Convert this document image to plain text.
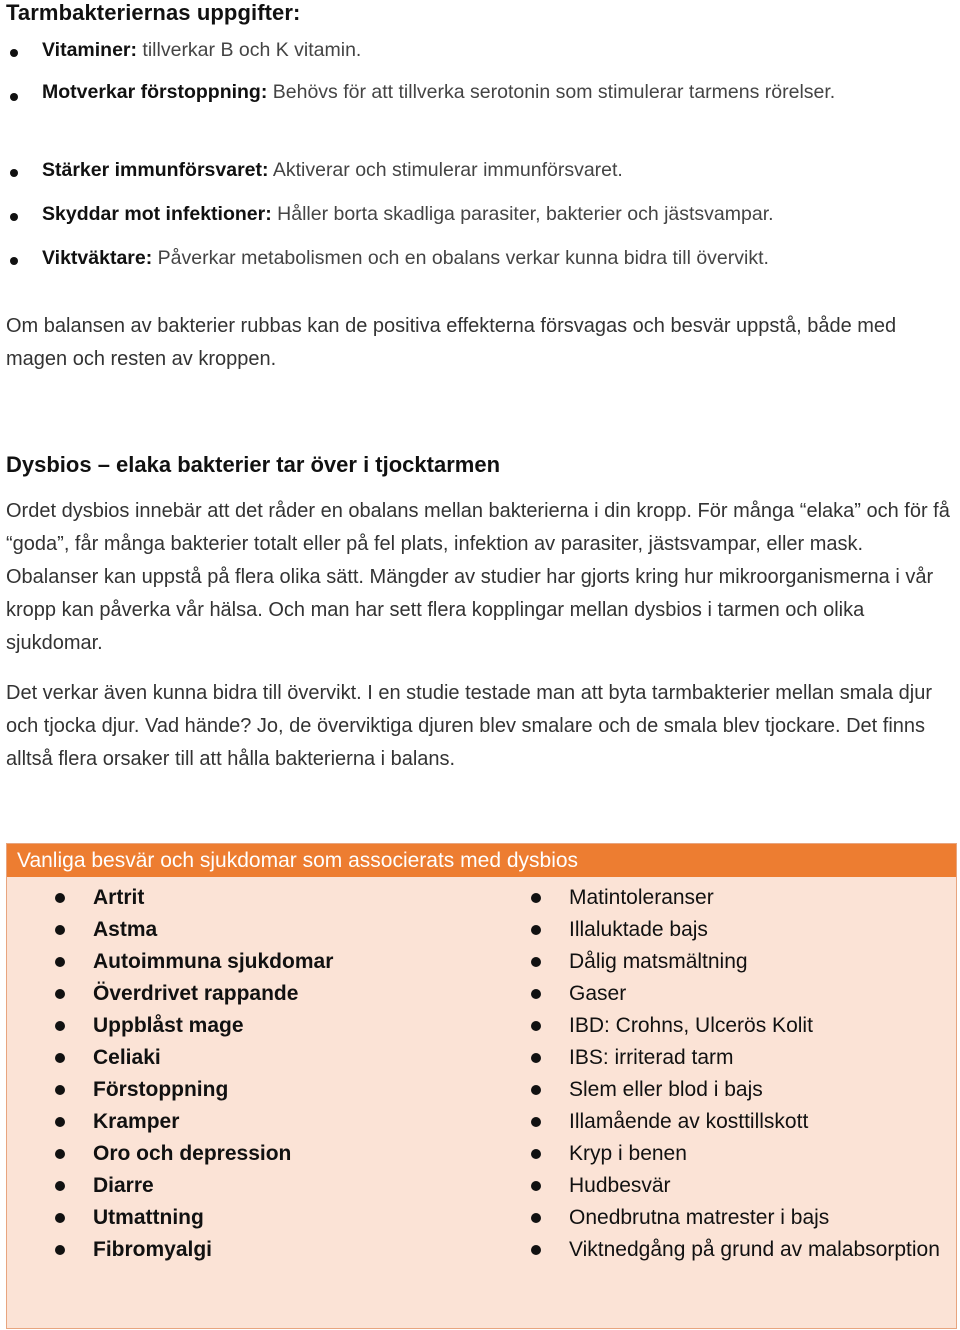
Tarmbakteriernas uppgifter:
Vitaminer: tillverkar B och K vitamin.
Motverkar förstoppning: Behövs för att tillverka serotonin som stimulerar tarmens rörelser.
Stärker immunförsvaret: Aktiverar och stimulerar immunförsvaret.
Skyddar mot infektioner: Håller borta skadliga parasiter, bakterier och jästsvampar.
Viktväktare: Påverkar metabolismen och en obalans verkar kunna bidra till övervikt.

Om balansen av bakterier rubbas kan de positiva effekterna försvagas och besvär uppstå, både med magen och resten av kroppen.

Dysbios – elaka bakterier tar över i tjocktarmen

Ordet dysbios innebär att det råder en obalans mellan bakterierna i din kropp. För många “elaka” och för få “goda”, får många bakterier totalt eller på fel plats, infektion av parasiter, jästsvampar, eller mask. Obalanser kan uppstå på flera olika sätt. Mängder av studier har gjorts kring hur mikroorganismerna i vår kropp kan påverka vår hälsa. Och man har sett flera kopplingar mellan dysbios i tarmen och olika sjukdomar.

Det verkar även kunna bidra till övervikt. I en studie testade man att byta tarmbakterier mellan smala djur och tjocka djur. Vad hände? Jo, de överviktiga djuren blev smalare och de smala blev tjockare. Det finns alltså flera orsaker till att hålla bakterierna i balans.

Vanliga besvär och sjukdomar som associerats med dysbios
Artrit
Astma
Autoimmuna sjukdomar
Överdrivet rappande
Uppblåst mage
Celiaki
Förstoppning
Kramper
Oro och depression
Diarre
Utmattning
Fibromyalgi
Matintoleranser
Illaluktade bajs
Dålig matsmältning
Gaser
IBD: Crohns, Ulcerös Kolit
IBS: irriterad tarm
Slem eller blod i bajs
Illamående av kosttillskott
Kryp i benen
Hudbesvär
Onedbrutna matrester i bajs
Viktnedgång på grund av malabsorption
